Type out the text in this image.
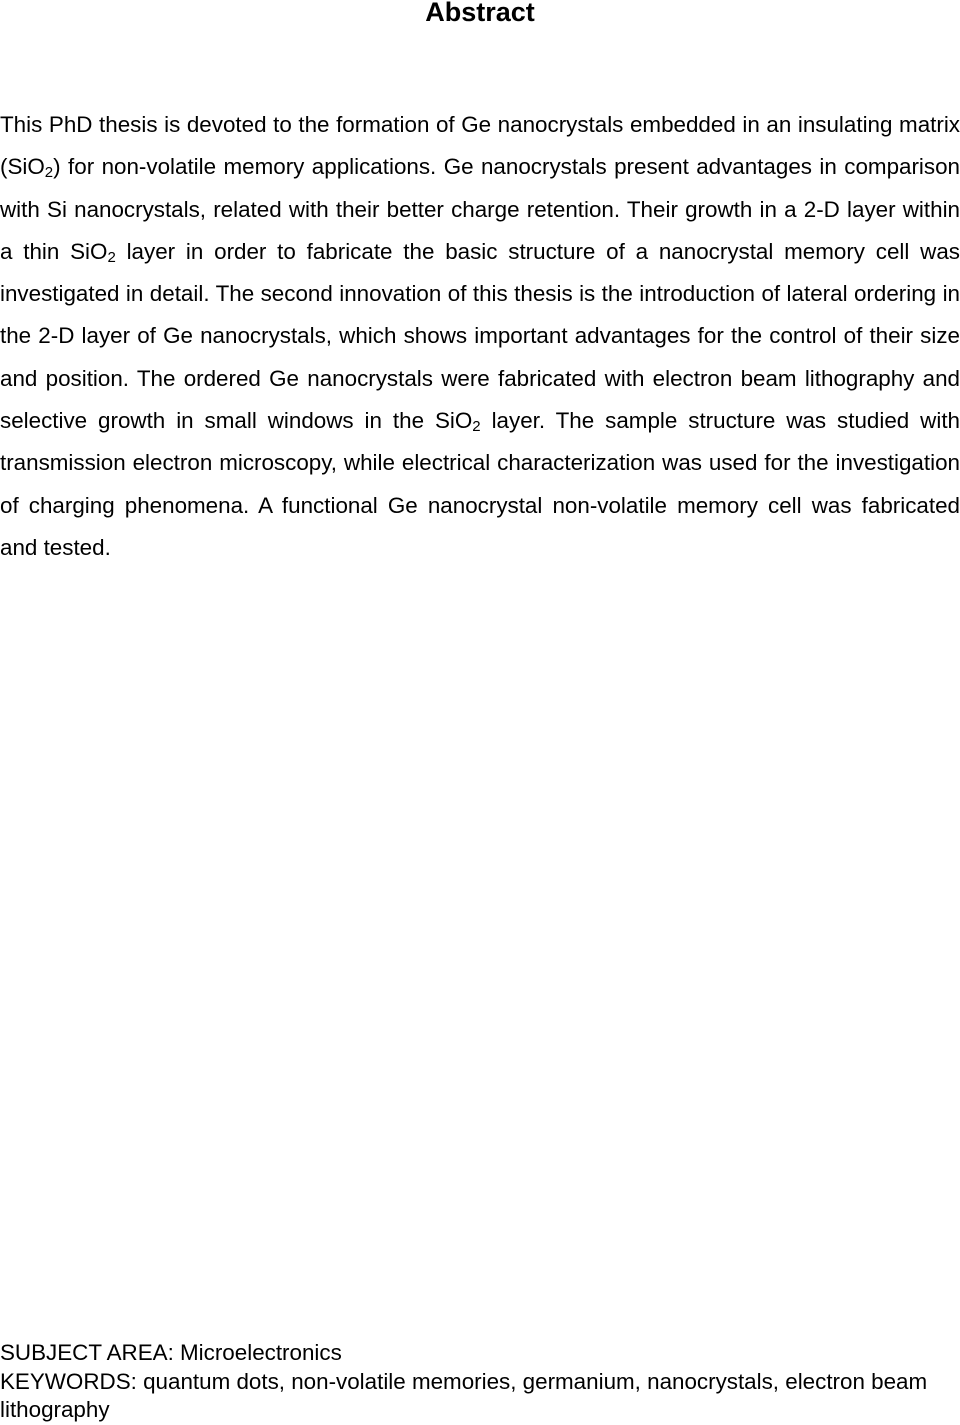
Abstract

This PhD thesis is devoted to the formation of Ge nanocrystals embedded in an insulating matrix (SiO$_2$) for non-volatile memory applications. Ge nanocrystals present advantages in comparison with Si nanocrystals, related with their better charge retention. Their growth in a 2-D layer within a thin SiO$_2$ layer in order to fabricate the basic structure of a nanocrystal memory cell was investigated in detail. The second innovation of this thesis is the introduction of lateral ordering in the 2-D layer of Ge nanocrystals, which shows important advantages for the control of their size and position. The ordered Ge nanocrystals were fabricated with electron beam lithography and selective growth in small windows in the SiO$_2$ layer. The sample structure was studied with transmission electron microscopy, while electrical characterization was used for the investigation of charging phenomena. A functional Ge nanocrystal non-volatile memory cell was fabricated and tested.

SUBJECT AREA: Microelectronics

KEYWORDS: quantum dots, non-volatile memories, germanium, nanocrystals, electron beam lithography
